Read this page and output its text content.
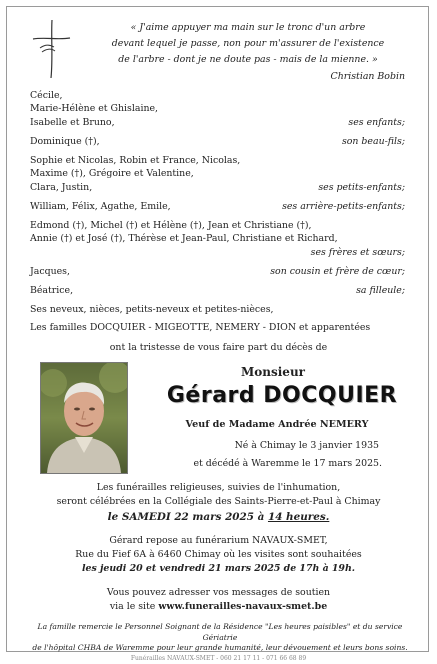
« J'aime appuyer ma main sur le tronc d'un arbre
devant lequel je passe, non pour m'assurer de l'existence
de l'arbre - dont je ne doute pas - mais de la mienne. »
Christian Bobin
Cécile,
Marie-Hélène et Ghislaine,
Isabelle et Bruno,	ses enfants;
Dominique (†),	son beau-fils;
Sophie et Nicolas, Robin et France, Nicolas,
Maxime (†), Grégoire et Valentine,
Clara, Justin,	ses petits-enfants;
William, Félix, Agathe, Emile,	ses arrière-petits-enfants;
Edmond (†), Michel (†) et Hélène (†), Jean et Christiane (†),
Annie (†) et José (†), Thérèse et Jean-Paul, Christiane et Richard,
ses frères et sœurs;
Jacques,	son cousin et frère de cœur;
Béatrice,	sa filleule;
Ses neveux, nièces, petits-neveux et petites-nièces,
Les familles DOCQUIER - MIGEOTTE, NEMERY - DION et apparentées
ont la tristesse de vous faire part du décès de
Monsieur
Gérard DOCQUIER
Veuf de Madame Andrée NEMERY
Né à Chimay le 3 janvier 1935
et décédé à Waremme le 17 mars 2025.
Les funérailles religieuses, suivies de l'inhumation,
seront célébrées en la Collégiale des Saints-Pierre-et-Paul à Chimay
le SAMEDI 22 mars 2025 à 14 heures.
Gérard repose au funérarium NAVAUX-SMET,
Rue du Fief 6A à 6460 Chimay où les visites sont souhaitées
les jeudi 20 et vendredi 21 mars 2025 de 17h à 19h.
Vous pouvez adresser vos messages de soutien
via le site www.funerailles-navaux-smet.be
La famille remercie le Personnel Soignant de la Résidence "Les heures paisibles" et du service Gériatrie
de l'hôpital CHBA de Waremme pour leur grande humanité, leur dévouement et leurs bons soins.
Funérailles NAVAUX-SMET - 060 21 17 11 - 071 66 68 89
